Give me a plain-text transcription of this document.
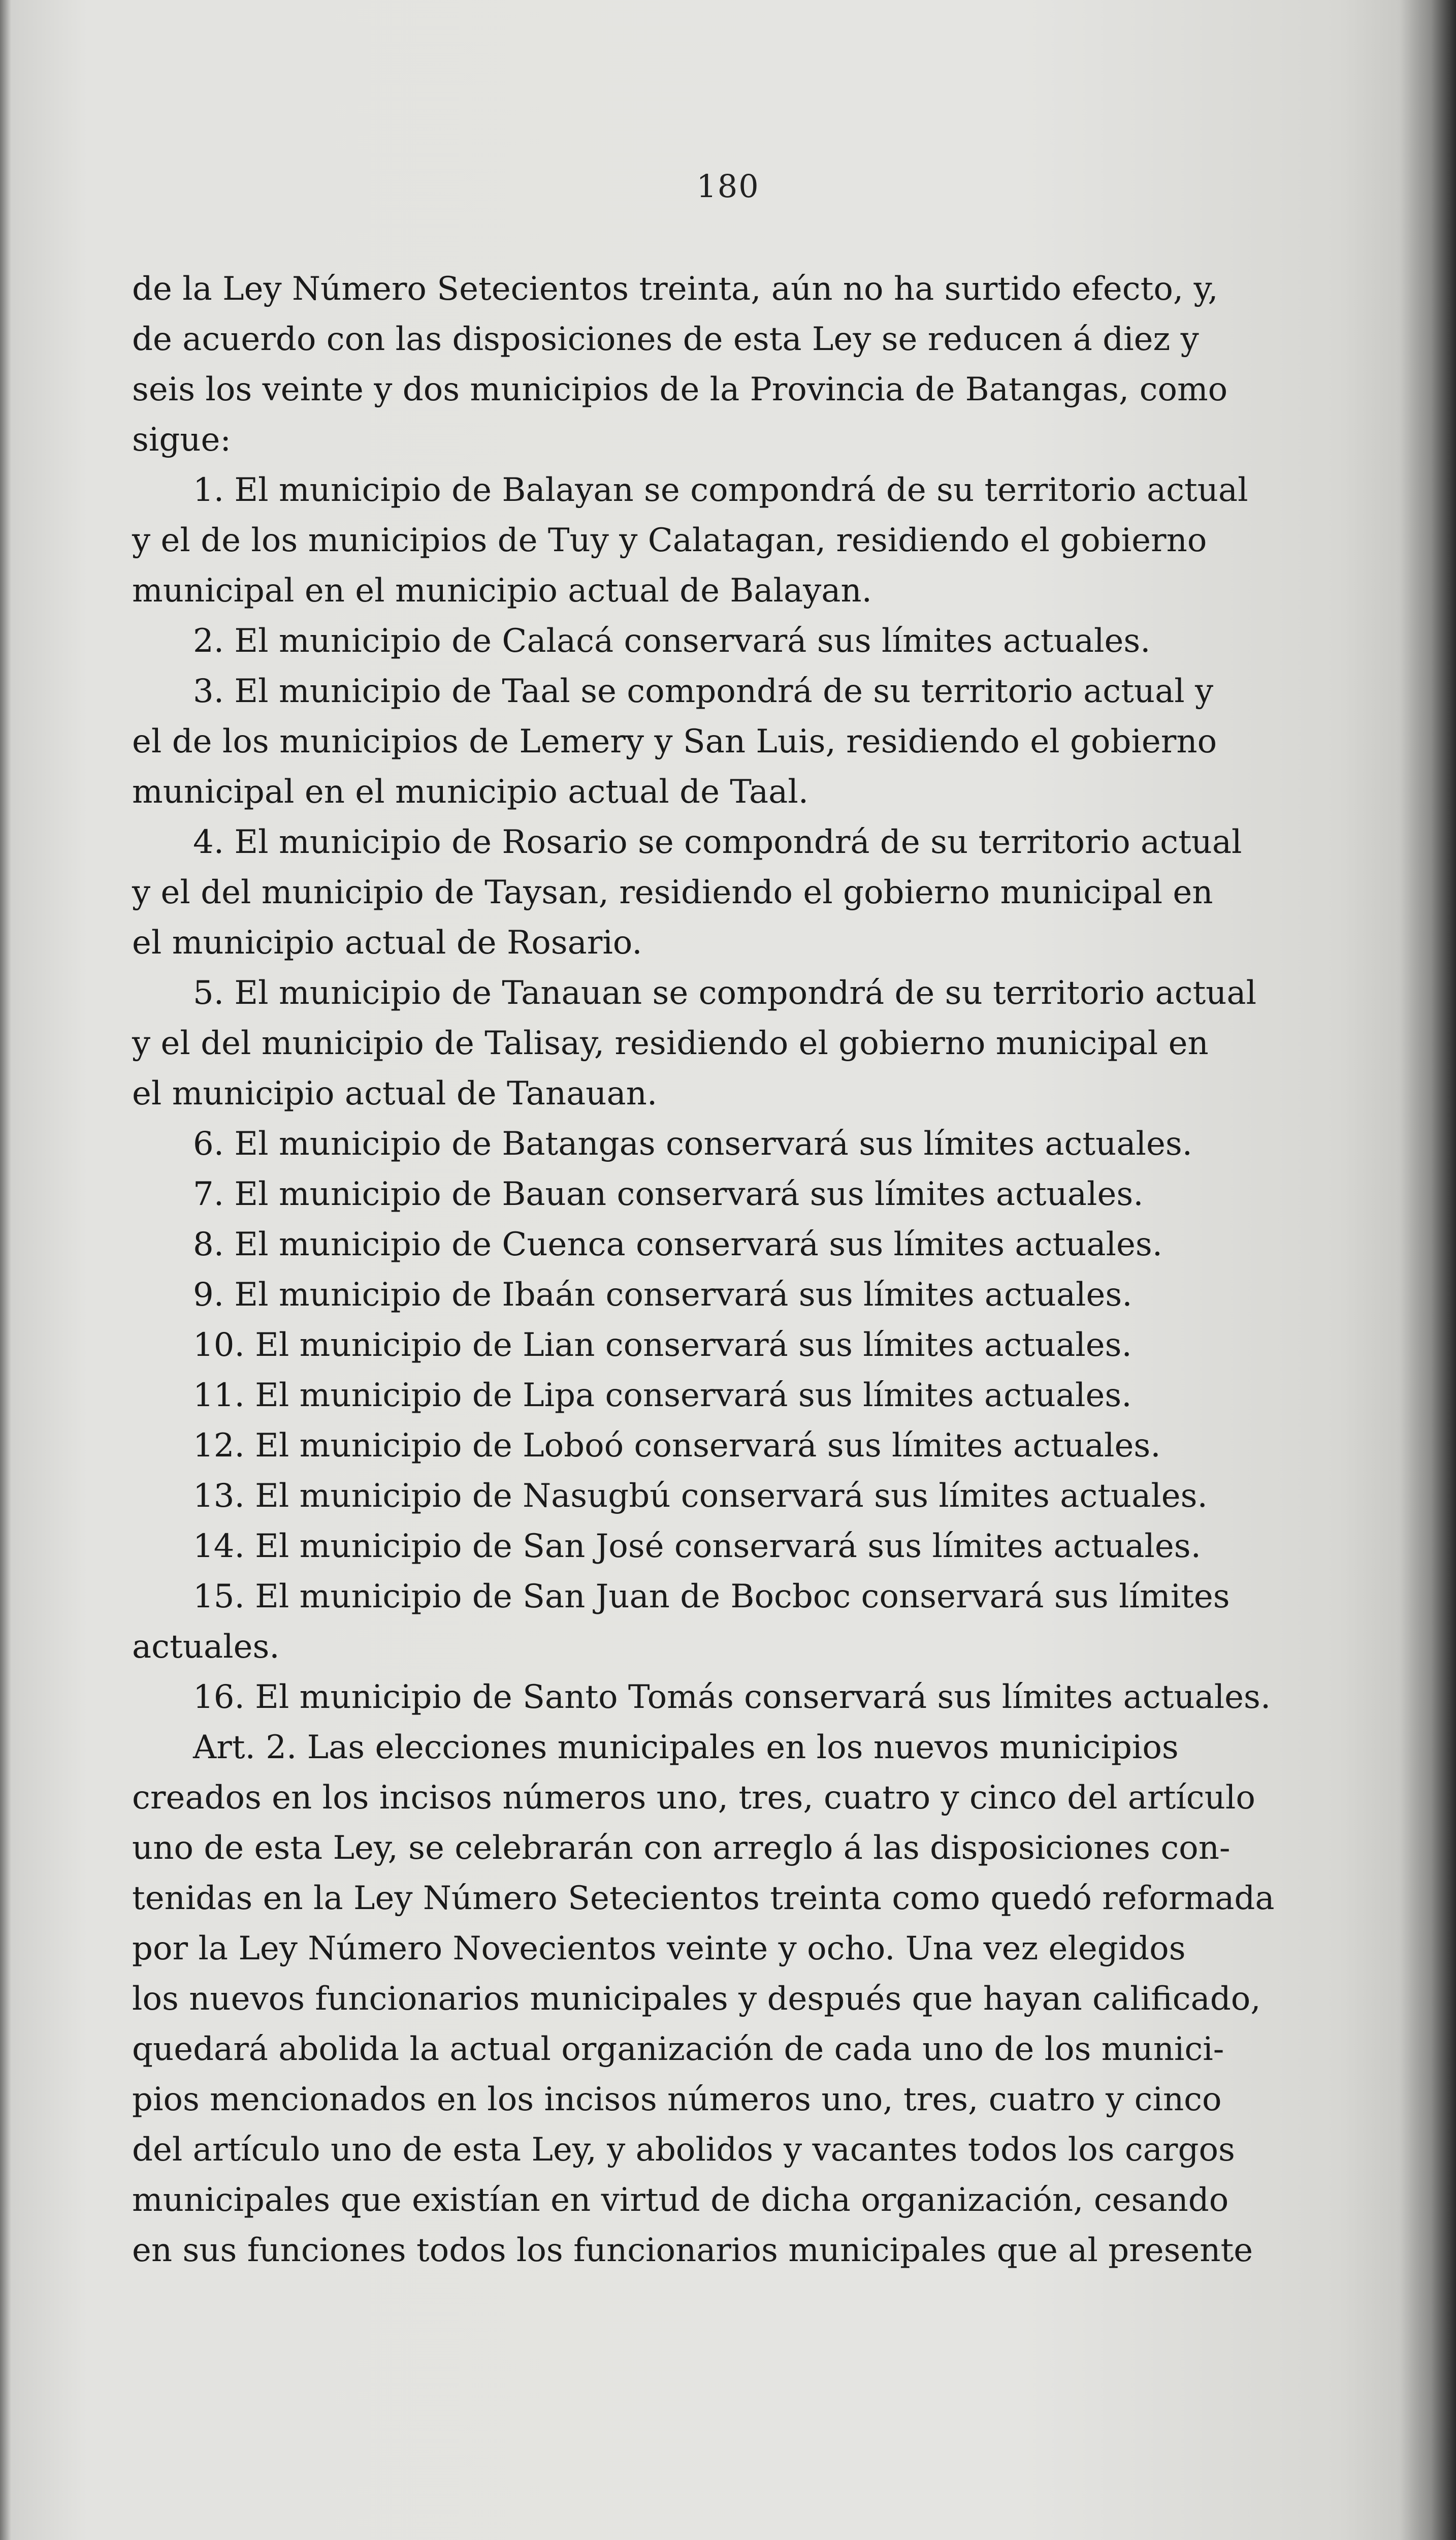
180
de la Ley Número Setecientos treinta, aún no ha surtido efecto, y,
de acuerdo con las disposiciones de esta Ley se reducen á diez y
seis los veinte y dos municipios de la Provincia de Batangas, como
sigue:
1. El municipio de Balayan se compondrá de su territorio actual
y el de los municipios de Tuy y Calatagan, residiendo el gobierno
municipal en el municipio actual de Balayan.
2. El municipio de Calacá conservará sus límites actuales.
3. El municipio de Taal se compondrá de su territorio actual y
el de los municipios de Lemery y San Luis, residiendo el gobierno
municipal en el municipio actual de Taal.
4. El municipio de Rosario se compondrá de su territorio actual
y el del municipio de Taysan, residiendo el gobierno municipal en
el municipio actual de Rosario.
5. El municipio de Tanauan se compondrá de su territorio actual
y el del municipio de Talisay, residiendo el gobierno municipal en
el municipio actual de Tanauan.
6. El municipio de Batangas conservará sus límites actuales.
7. El municipio de Bauan conservará sus límites actuales.
8. El municipio de Cuenca conservará sus límites actuales.
9. El municipio de Ibaán conservará sus límites actuales.
10. El municipio de Lian conservará sus límites actuales.
11. El municipio de Lipa conservará sus límites actuales.
12. El municipio de Loboó conservará sus límites actuales.
13. El municipio de Nasugbú conservará sus límites actuales.
14. El municipio de San José conservará sus límites actuales.
15. El municipio de San Juan de Bocboc conservará sus límites
actuales.
16. El municipio de Santo Tomás conservará sus límites actuales.
Art. 2. Las elecciones municipales en los nuevos municipios
creados en los incisos números uno, tres, cuatro y cinco del artículo
uno de esta Ley, se celebrarán con arreglo á las disposiciones con-
tenidas en la Ley Número Setecientos treinta como quedó reformada
por la Ley Número Novecientos veinte y ocho. Una vez elegidos
los nuevos funcionarios municipales y después que hayan calificado,
quedará abolida la actual organización de cada uno de los munici-
pios mencionados en los incisos números uno, tres, cuatro y cinco
del artículo uno de esta Ley, y abolidos y vacantes todos los cargos
municipales que existían en virtud de dicha organización, cesando
en sus funciones todos los funcionarios municipales que al presente
